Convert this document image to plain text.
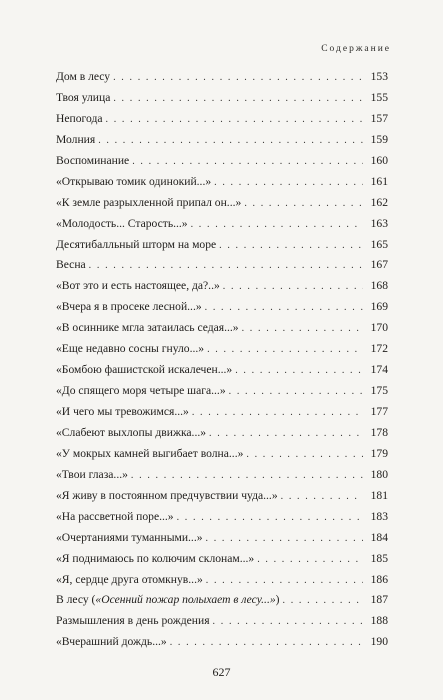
Содержание
Дом в лесу . . .	153
Твоя улица . . .	155
Непогода . . .	157
Молния . . .	159
Воспоминание . . .	160
«Открываю томик одинокий...» . . .	161
«К земле разрыхленной припал он...» . . .	162
«Молодость... Старость...» . . .	163
Десятибалльный шторм на море . . .	165
Весна . . .	167
«Вот это и есть настоящее, да?..» . . .	168
«Вчера я в просеке лесной...» . . .	169
«В осиннике мгла затаилась седая...» . . .	170
«Еще недавно сосны гнуло...» . . .	172
«Бомбою фашистской искалечен...» . . .	174
«До спящего моря четыре шага...» . . .	175
«И чего мы тревожимся...» . . .	177
«Слабеют выхлопы движка...» . . .	178
«У мокрых камней выгибает волна...» . . .	179
«Твои глаза...» . . .	180
«Я живу в постоянном предчувствии чуда...» . . .	181
«На рассветной поре...» . . .	183
«Очертаниями туманными...» . . .	184
«Я поднимаюсь по колючим склонам...» . . .	185
«Я, сердце друга отомкнув...» . . .	186
В лесу («Осенний пожар полыхает в лесу...») . . .	187
Размышления в день рождения . . .	188
«Вчерашний дождь...» . . .	190
627
